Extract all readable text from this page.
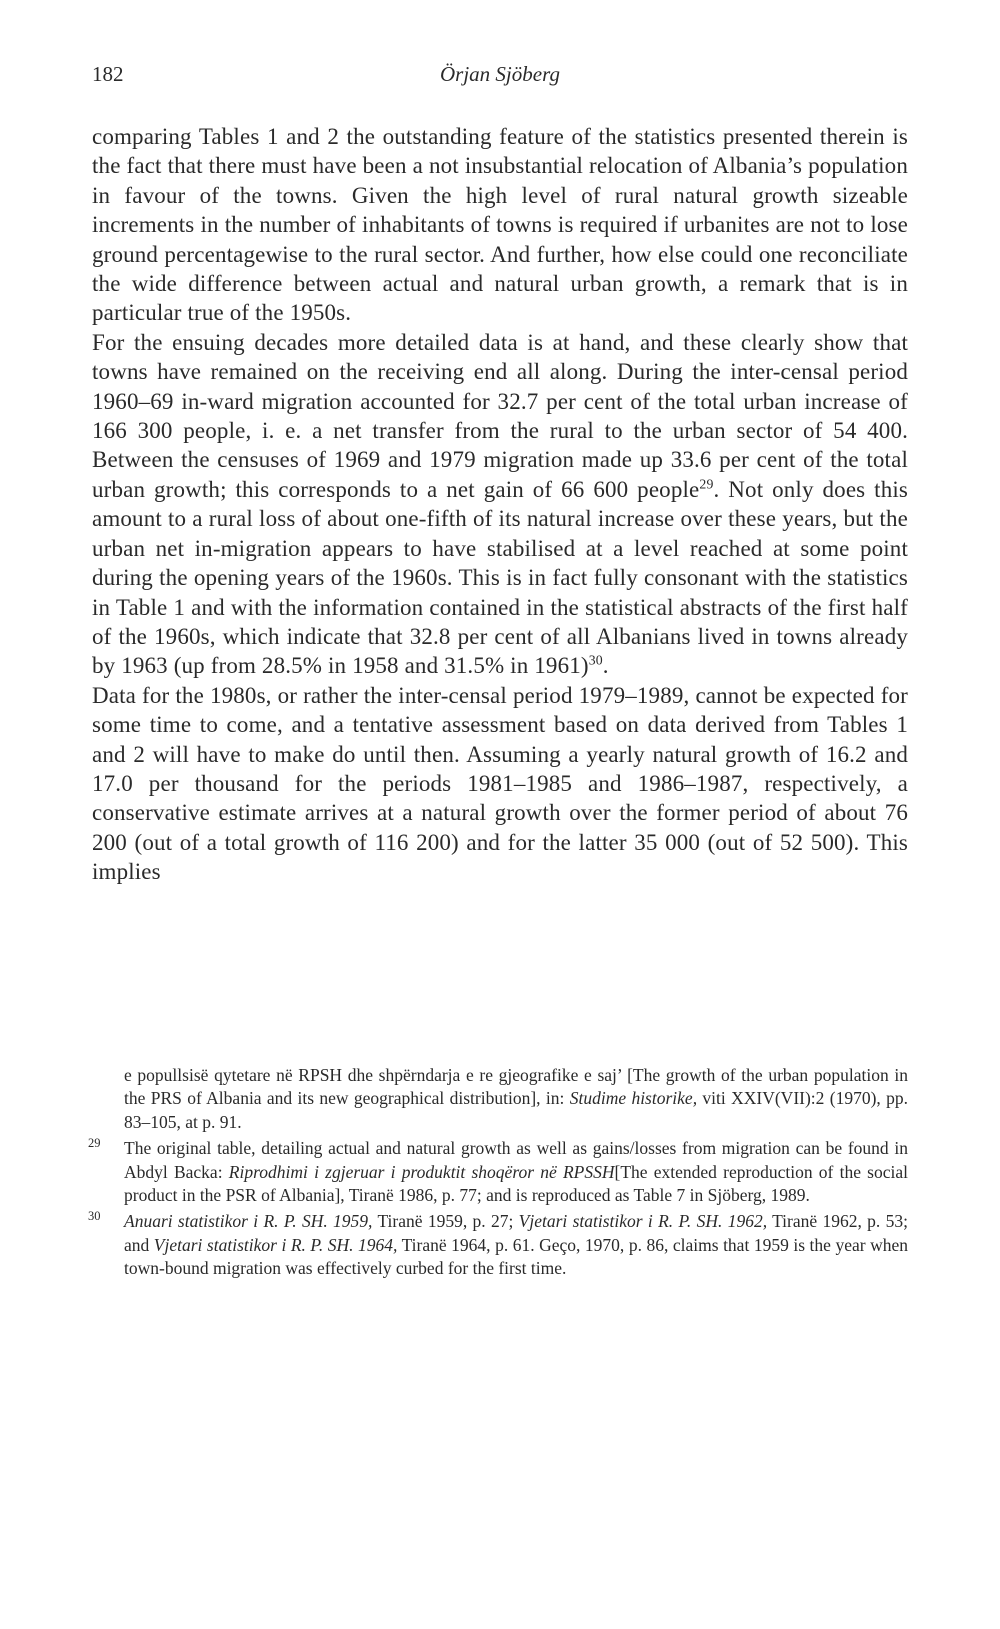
182	Örjan Sjöberg

comparing Tables 1 and 2 the outstanding feature of the statistics presented therein is the fact that there must have been a not insubstantial relocation of Albania’s population in favour of the towns. Given the high level of rural natural growth sizeable increments in the number of inhabitants of towns is required if urbanites are not to lose ground percentagewise to the rural sector. And further, how else could one reconciliate the wide difference between actual and natural urban growth, a remark that is in particular true of the 1950s.

For the ensuing decades more detailed data is at hand, and these clearly show that towns have remained on the receiving end all along. During the inter-censal period 1960–69 in-ward migration accounted for 32.7 per cent of the total urban increase of 166 300 people, i. e. a net transfer from the rural to the urban sector of 54 400. Between the censuses of 1969 and 1979 migration made up 33.6 per cent of the total urban growth; this corresponds to a net gain of 66 600 people$^{29}$. Not only does this amount to a rural loss of about one-fifth of its natural increase over these years, but the urban net in-migration appears to have stabilised at a level reached at some point during the opening years of the 1960s. This is in fact fully consonant with the statistics in Table 1 and with the information contained in the statistical abstracts of the first half of the 1960s, which indicate that 32.8 per cent of all Albanians lived in towns already by 1963 (up from 28.5% in 1958 and 31.5% in 1961)$^{30}$.

Data for the 1980s, or rather the inter-censal period 1979–1989, cannot be expected for some time to come, and a tentative assessment based on data derived from Tables 1 and 2 will have to make do until then. Assuming a yearly natural growth of 16.2 and 17.0 per thousand for the periods 1981–1985 and 1986–1987, respectively, a conservative estimate arrives at a natural growth over the former period of about 76 200 (out of a total growth of 116 200) and for the latter 35 000 (out of 52 500). This implies

e popullsisë qytetare në RPSH dhe shpërndarja e re gjeografike e saj’ [The growth of the urban population in the PRS of Albania and its new geographical distribution], in: Studime historike, viti XXIV(VII):2 (1970), pp. 83–105, at p. 91.

29 The original table, detailing actual and natural growth as well as gains/losses from migration can be found in Abdyl Backa: Riprodhimi i zgjeruar i produktit shoqëror në RPSSH[The extended reproduction of the social product in the PSR of Albania], Tiranë 1986, p. 77; and is reproduced as Table 7 in Sjöberg, 1989.

30 Anuari statistikor i R. P. SH. 1959, Tiranë 1959, p. 27; Vjetari statistikor i R. P. SH. 1962, Tiranë 1962, p. 53; and Vjetari statistikor i R. P. SH. 1964, Tiranë 1964, p. 61. Geço, 1970, p. 86, claims that 1959 is the year when town-bound migration was effectively curbed for the first time.
